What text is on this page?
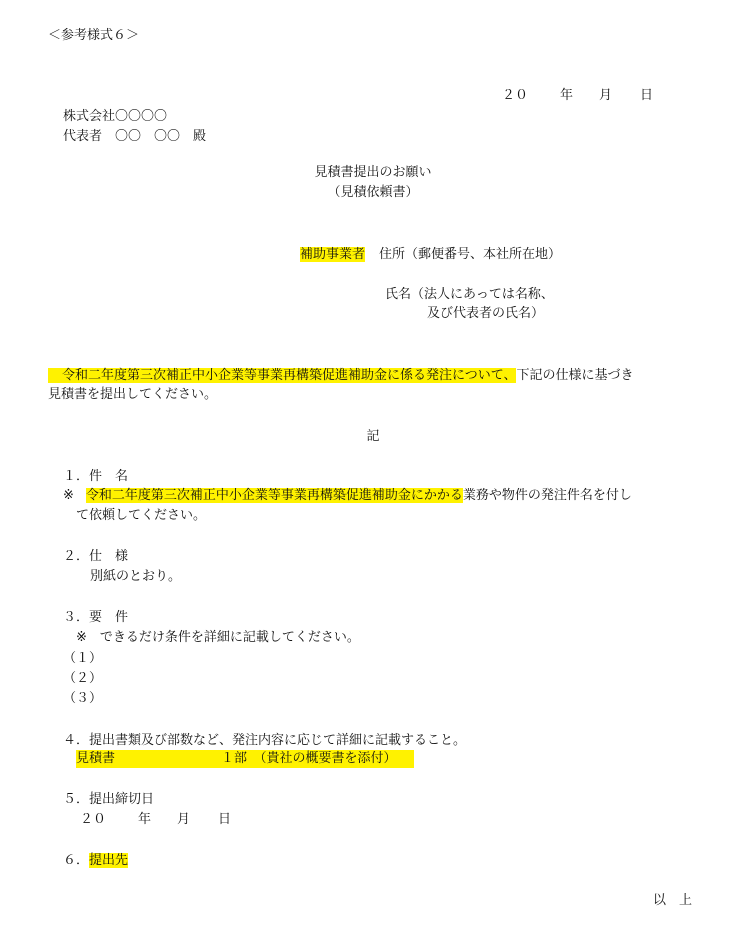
＜参考様式６＞
２０ 年 月 日
株式会社〇〇〇〇
代表者　〇〇　〇〇　殿
見積書提出のお願い
（見積依頼書）
補助事業者 住所（郵便番号、本社所在地）
氏名（法人にあっては名称、
及び代表者の氏名）
令和二年度第三次補正中小企業等事業再構築促進補助金に係る発注について、下記の仕様に基づき
見積書を提出してください。
記
１．件　名
※ 令和二年度第三次補正中小企業等事業再構築促進補助金にかかる業務や物件の発注件名を付し
て依頼してください。
２．仕　様
別紙のとおり。
３．要　件
※　できるだけ条件を詳細に記載してください。
（１）
（２）
（３）
４．提出書類及び部数など、発注内容に応じて詳細に記載すること。
見積書	１部　（貴社の概要書を添付）
５．提出締切日
２０ 年 月 日
６．提出先
以　上
